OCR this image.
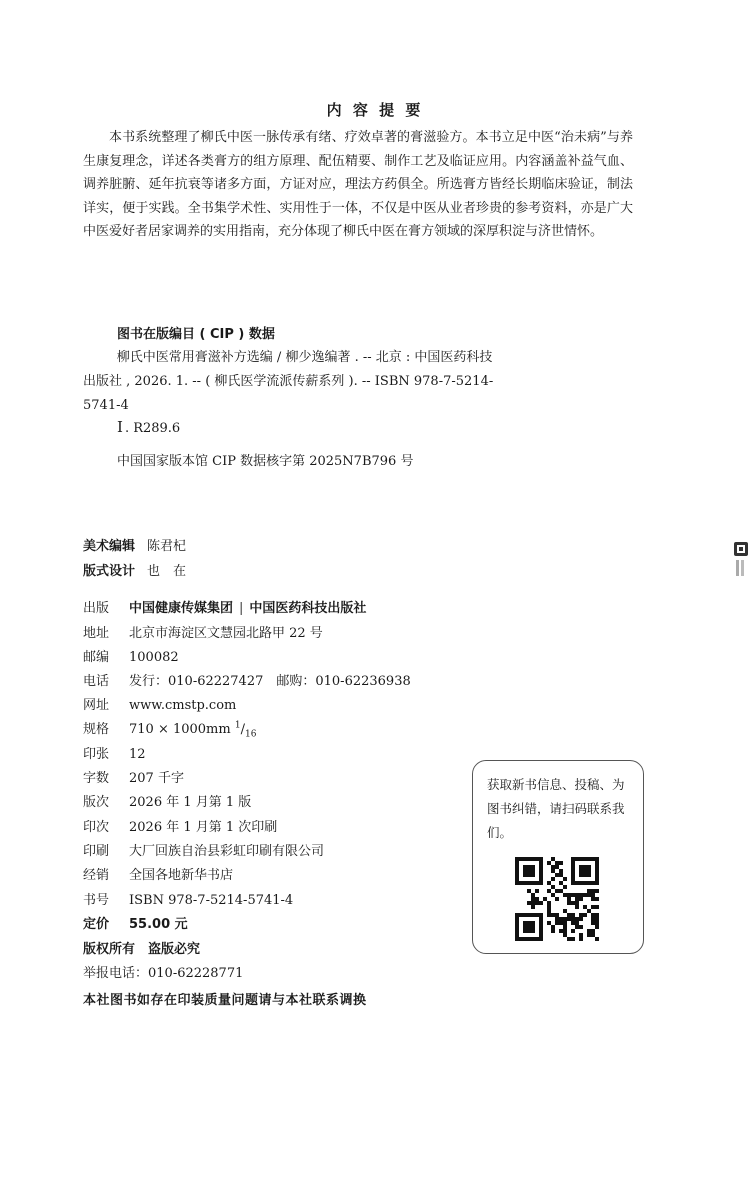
内 容 提 要

本书系统整理了柳氏中医一脉传承有绪、疗效卓著的膏滋验方。本书立足中医“治未病”与养生康复理念，详述各类膏方的组方原理、配伍精要、制作工艺及临证应用。内容涵盖补益气血、调养脏腑、延年抗衰等诸多方面，方证对应，理法方药俱全。所选膏方皆经长期临床验证，制法详实，便于实践。全书集学术性、实用性于一体，不仅是中医从业者珍贵的参考资料，亦是广大中医爱好者居家调养的实用指南，充分体现了柳氏中医在膏方领域的深厚积淀与济世情怀。

图书在版编目 ( CIP ) 数据

柳氏中医常用膏滋补方选编 / 柳少逸编著 . -- 北京 : 中国医药科技出版社 , 2026. 1. -- ( 柳氏医学流派传薪系列 ). -- ISBN 978-7-5214-5741-4

Ⅰ . R289.6
中国国家版本馆 CIP 数据核字第 2025N7B796 号
美术编辑 陈君杞
版式设计 也　在
出版 中国健康传媒集团 | 中国医药科技出版社
地址 北京市海淀区文慧园北路甲 22 号
邮编 100082
电话 发行：010-62227427　邮购：010-62236938
网址 www.cmstp.com
规格 710 × 1000mm $^1/_{16}$
印张 12
字数 207 千字
版次 2026 年 1 月第 1 版
印次 2026 年 1 月第 1 次印刷
印刷 大厂回族自治县彩虹印刷有限公司
经销 全国各地新华书店
书号 ISBN 978-7-5214-5741-4
定价 55.00 元
版权所有　盗版必究
举报电话：010-62228771
本社图书如存在印装质量问题请与本社联系调换

获取新书信息、投稿、为图书纠错，请扫码联系我们。
